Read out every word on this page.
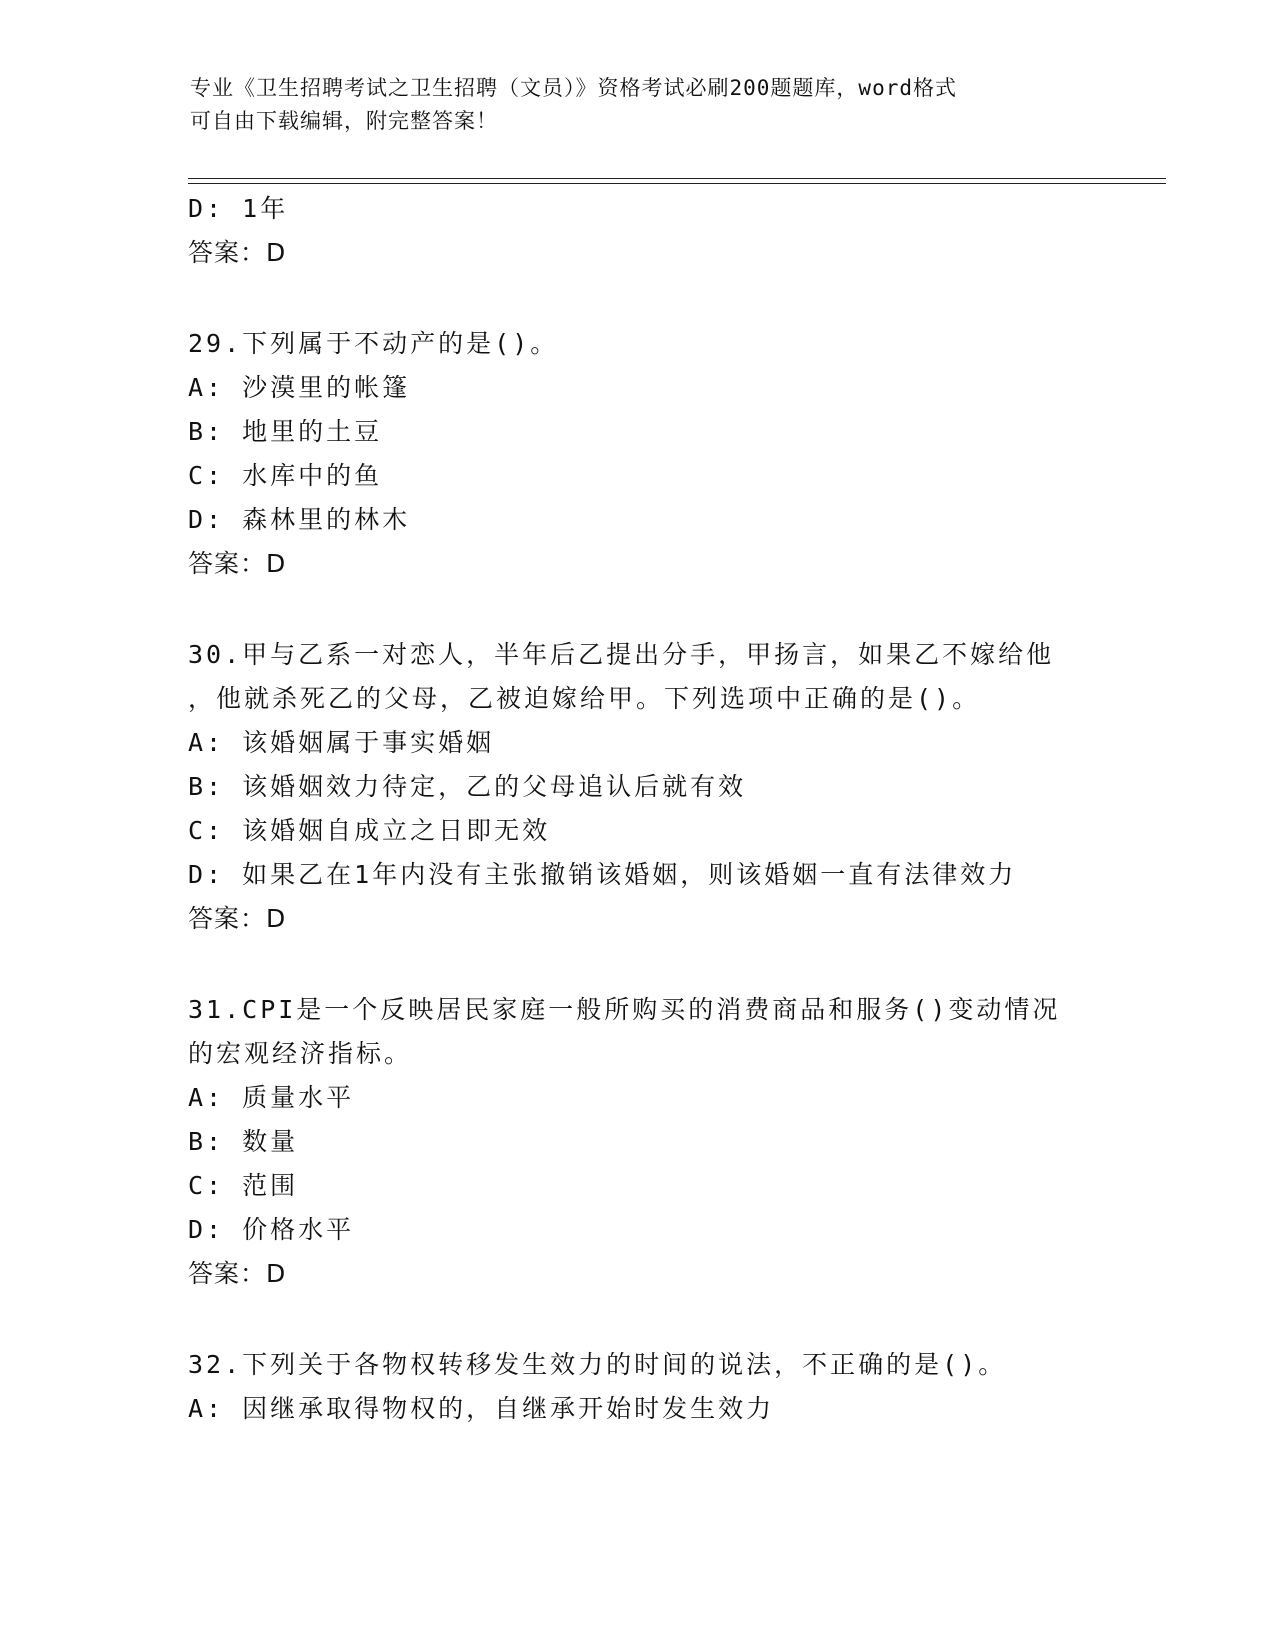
专业《卫生招聘考试之卫生招聘（文员）》资格考试必刷200题题库，word格式
可自由下载编辑，附完整答案！
D: 1年
答案：D
29.下列属于不动产的是()。
A: 沙漠里的帐篷
B: 地里的土豆
C: 水库中的鱼
D: 森林里的林木
答案：D
30.甲与乙系一对恋人，半年后乙提出分手，甲扬言，如果乙不嫁给他
，他就杀死乙的父母，乙被迫嫁给甲。下列选项中正确的是()。
A: 该婚姻属于事实婚姻
B: 该婚姻效力待定，乙的父母追认后就有效
C: 该婚姻自成立之日即无效
D: 如果乙在1年内没有主张撤销该婚姻，则该婚姻一直有法律效力
答案：D
31.CPI是一个反映居民家庭一般所购买的消费商品和服务()变动情况
的宏观经济指标。
A: 质量水平
B: 数量
C: 范围
D: 价格水平
答案：D
32.下列关于各物权转移发生效力的时间的说法，不正确的是()。
A: 因继承取得物权的，自继承开始时发生效力
